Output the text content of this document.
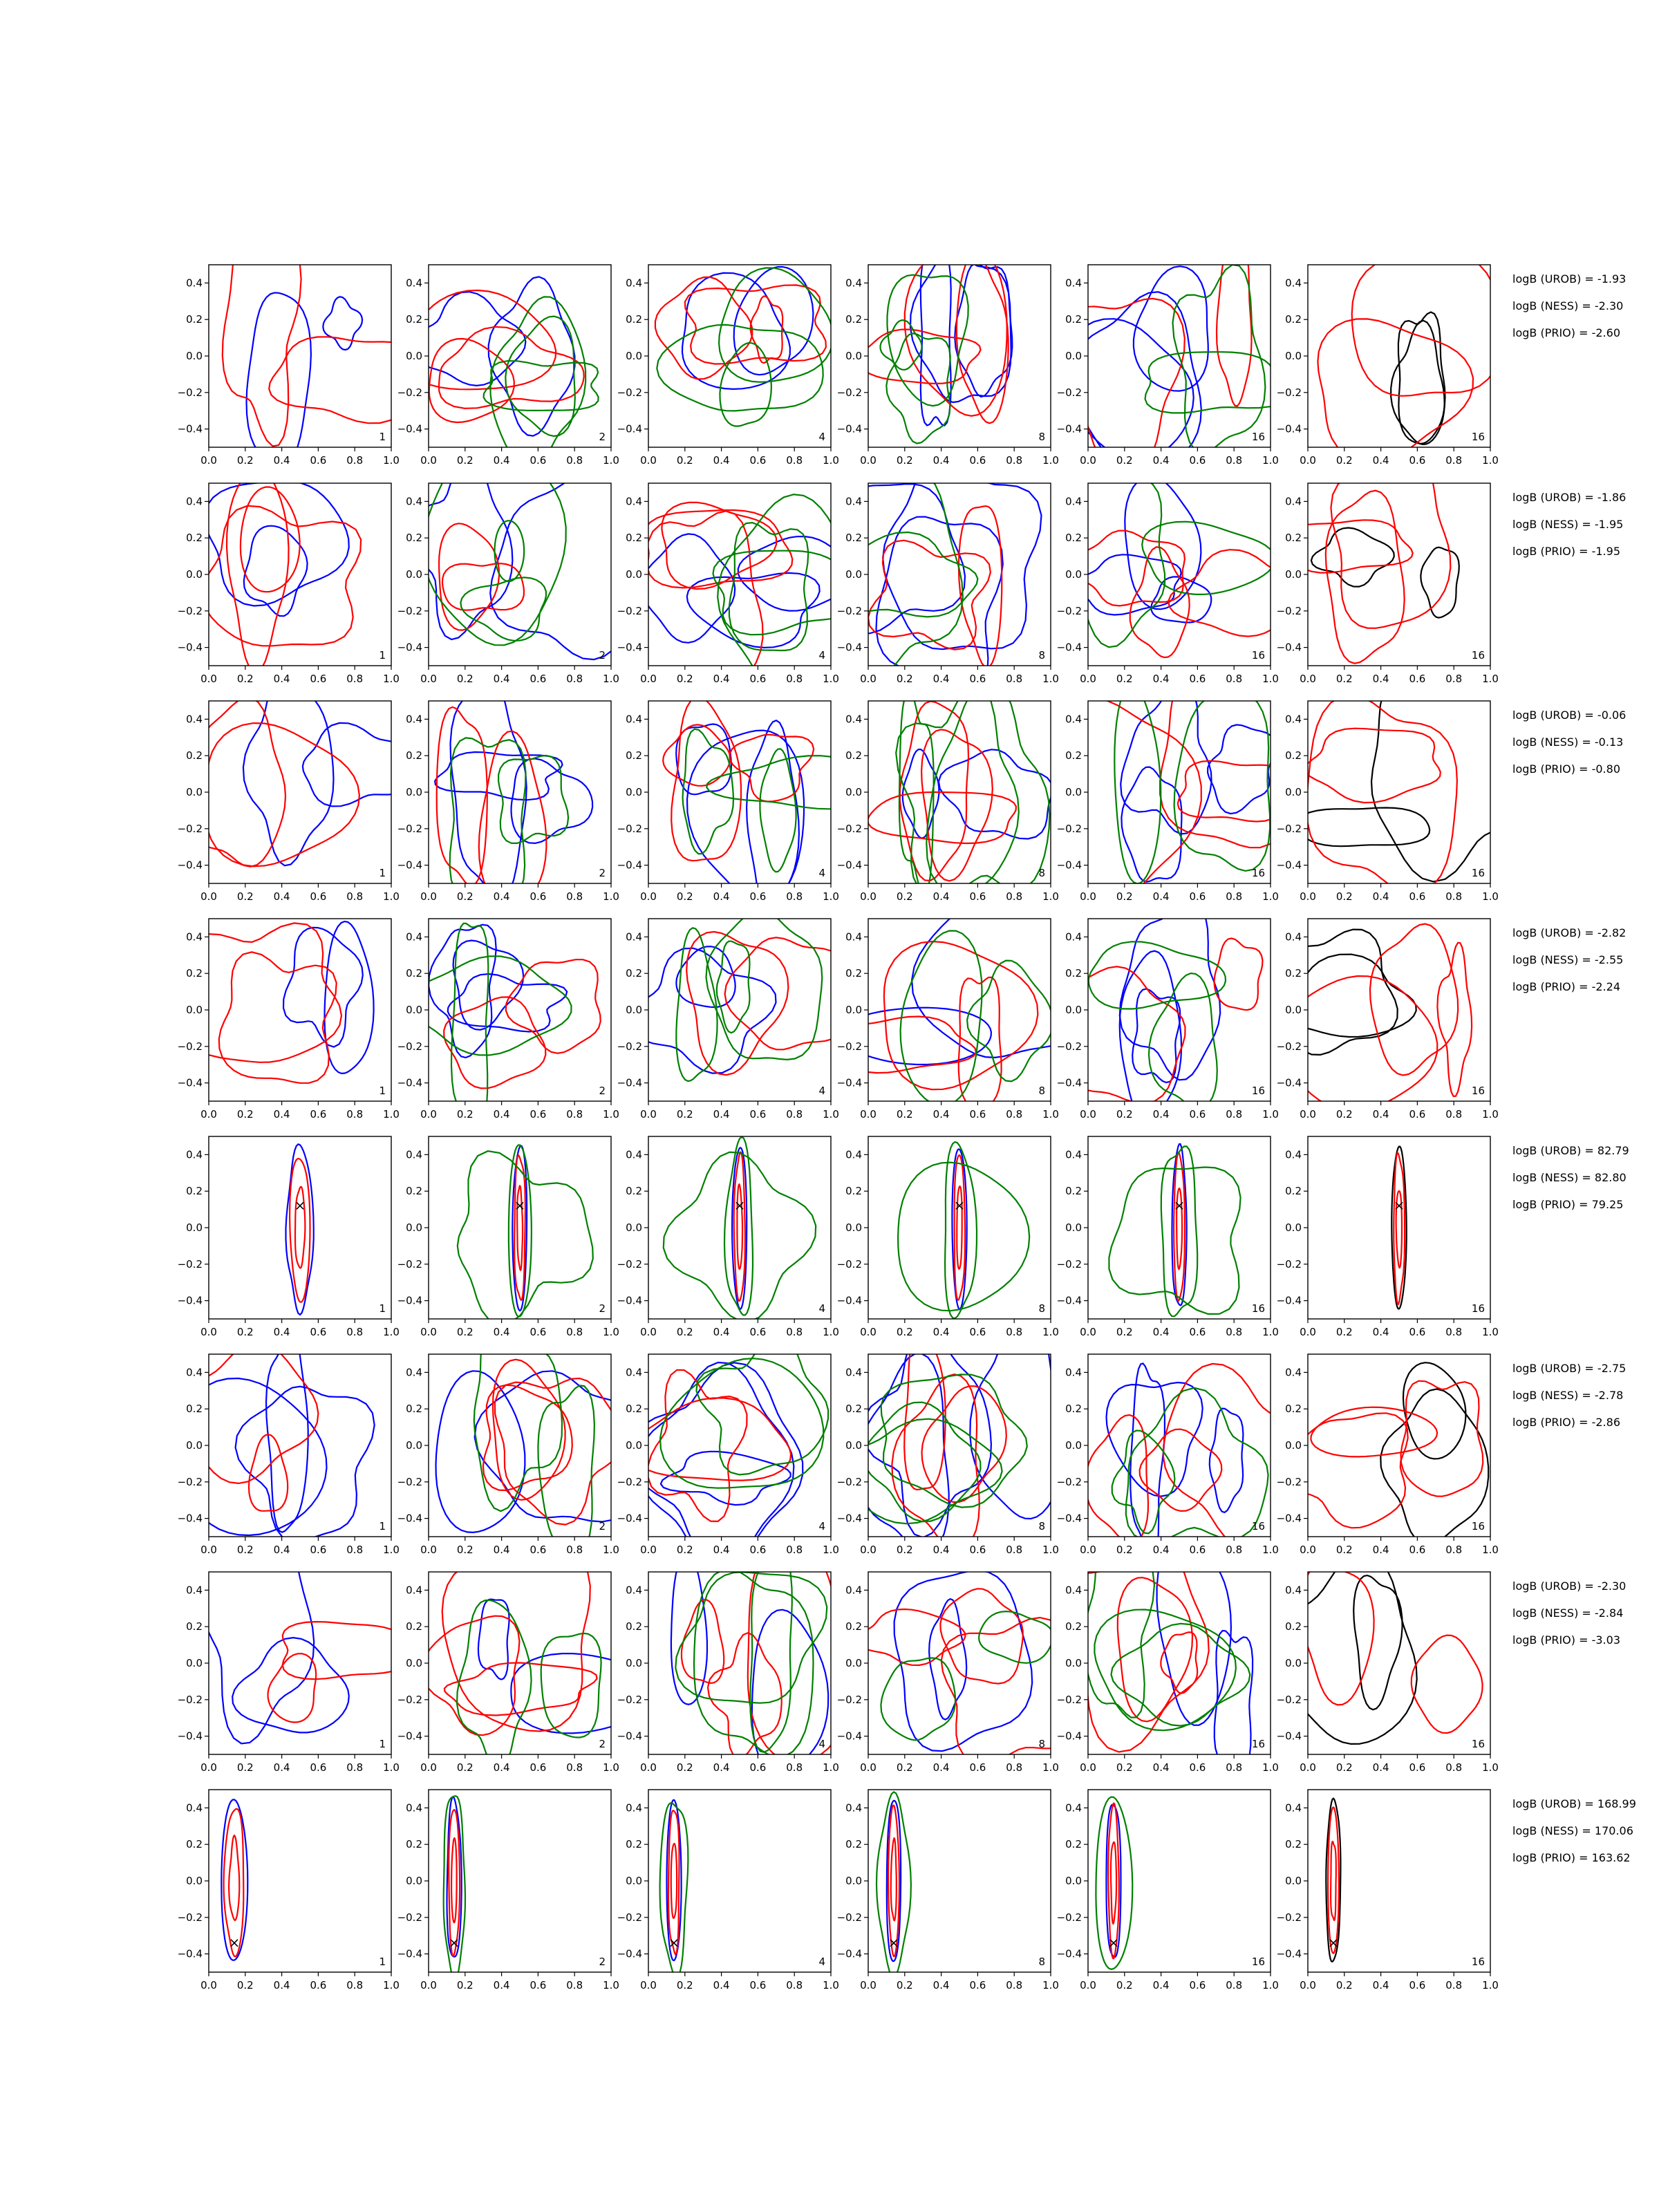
0.0 0.2 0.4 0.6 0.8 1.0
0.4
0.2
0.0
−0.2
−0.4
1
0.0 0.2 0.4 0.6 0.8 1.0
0.4
0.2
0.0
−0.2
−0.4
2
0.0 0.2 0.4 0.6 0.8 1.0
0.4
0.2
0.0
−0.2
−0.4
4
0.0 0.2 0.4 0.6 0.8 1.0
0.4
0.2
0.0
−0.2
−0.4
8
0.0 0.2 0.4 0.6 0.8 1.0
0.4
0.2
0.0
−0.2
−0.4
16
0.0 0.2 0.4 0.6 0.8 1.0
0.4
0.2
0.0
−0.2
−0.4
16
logB (UROB) = -1.93
logB (NESS) = -2.30
logB (PRIO) = -2.60
0.0 0.2 0.4 0.6 0.8 1.0
0.4
0.2
0.0
−0.2
−0.4
1
0.0 0.2 0.4 0.6 0.8 1.0
0.4
0.2
0.0
−0.2
−0.4
2
0.0 0.2 0.4 0.6 0.8 1.0
0.4
0.2
0.0
−0.2
−0.4
4
0.0 0.2 0.4 0.6 0.8 1.0
0.4
0.2
0.0
−0.2
−0.4
8
0.0 0.2 0.4 0.6 0.8 1.0
0.4
0.2
0.0
−0.2
−0.4
16
0.0 0.2 0.4 0.6 0.8 1.0
0.4
0.2
0.0
−0.2
−0.4
16
logB (UROB) = -1.86
logB (NESS) = -1.95
logB (PRIO) = -1.95
0.0 0.2 0.4 0.6 0.8 1.0
0.4
0.2
0.0
−0.2
−0.4
1
0.0 0.2 0.4 0.6 0.8 1.0
0.4
0.2
0.0
−0.2
−0.4
2
0.0 0.2 0.4 0.6 0.8 1.0
0.4
0.2
0.0
−0.2
−0.4
4
0.0 0.2 0.4 0.6 0.8 1.0
0.4
0.2
0.0
−0.2
−0.4
8
0.0 0.2 0.4 0.6 0.8 1.0
0.4
0.2
0.0
−0.2
−0.4
16
0.0 0.2 0.4 0.6 0.8 1.0
0.4
0.2
0.0
−0.2
−0.4
16
logB (UROB) = -0.06
logB (NESS) = -0.13
logB (PRIO) = -0.80
0.0 0.2 0.4 0.6 0.8 1.0
0.4
0.2
0.0
−0.2
−0.4
1
0.0 0.2 0.4 0.6 0.8 1.0
0.4
0.2
0.0
−0.2
−0.4
2
0.0 0.2 0.4 0.6 0.8 1.0
0.4
0.2
0.0
−0.2
−0.4
4
0.0 0.2 0.4 0.6 0.8 1.0
0.4
0.2
0.0
−0.2
−0.4
8
0.0 0.2 0.4 0.6 0.8 1.0
0.4
0.2
0.0
−0.2
−0.4
16
0.0 0.2 0.4 0.6 0.8 1.0
0.4
0.2
0.0
−0.2
−0.4
16
logB (UROB) = -2.82
logB (NESS) = -2.55
logB (PRIO) = -2.24
0.0 0.2 0.4 0.6 0.8 1.0
0.4
0.2
0.0
−0.2
−0.4
1
0.0 0.2 0.4 0.6 0.8 1.0
0.4
0.2
0.0
−0.2
−0.4
2
0.0 0.2 0.4 0.6 0.8 1.0
0.4
0.2
0.0
−0.2
−0.4
4
0.0 0.2 0.4 0.6 0.8 1.0
0.4
0.2
0.0
−0.2
−0.4
8
0.0 0.2 0.4 0.6 0.8 1.0
0.4
0.2
0.0
−0.2
−0.4
16
0.0 0.2 0.4 0.6 0.8 1.0
0.4
0.2
0.0
−0.2
−0.4
16
logB (UROB) = 82.79
logB (NESS) = 82.80
logB (PRIO) = 79.25
0.0 0.2 0.4 0.6 0.8 1.0
0.4
0.2
0.0
−0.2
−0.4
1
0.0 0.2 0.4 0.6 0.8 1.0
0.4
0.2
0.0
−0.2
−0.4
2
0.0 0.2 0.4 0.6 0.8 1.0
0.4
0.2
0.0
−0.2
−0.4
4
0.0 0.2 0.4 0.6 0.8 1.0
0.4
0.2
0.0
−0.2
−0.4
8
0.0 0.2 0.4 0.6 0.8 1.0
0.4
0.2
0.0
−0.2
−0.4
16
0.0 0.2 0.4 0.6 0.8 1.0
0.4
0.2
0.0
−0.2
−0.4
16
logB (UROB) = -2.75
logB (NESS) = -2.78
logB (PRIO) = -2.86
0.0 0.2 0.4 0.6 0.8 1.0
0.4
0.2
0.0
−0.2
−0.4
1
0.0 0.2 0.4 0.6 0.8 1.0
0.4
0.2
0.0
−0.2
−0.4
2
0.0 0.2 0.4 0.6 0.8 1.0
0.4
0.2
0.0
−0.2
−0.4
4
0.0 0.2 0.4 0.6 0.8 1.0
0.4
0.2
0.0
−0.2
−0.4
8
0.0 0.2 0.4 0.6 0.8 1.0
0.4
0.2
0.0
−0.2
−0.4
16
0.0 0.2 0.4 0.6 0.8 1.0
0.4
0.2
0.0
−0.2
−0.4
16
logB (UROB) = -2.30
logB (NESS) = -2.84
logB (PRIO) = -3.03
0.0 0.2 0.4 0.6 0.8 1.0
0.4
0.2
0.0
−0.2
−0.4
1
0.0 0.2 0.4 0.6 0.8 1.0
0.4
0.2
0.0
−0.2
−0.4
2
0.0 0.2 0.4 0.6 0.8 1.0
0.4
0.2
0.0
−0.2
−0.4
4
0.0 0.2 0.4 0.6 0.8 1.0
0.4
0.2
0.0
−0.2
−0.4
8
0.0 0.2 0.4 0.6 0.8 1.0
0.4
0.2
0.0
−0.2
−0.4
16
0.0 0.2 0.4 0.6 0.8 1.0
0.4
0.2
0.0
−0.2
−0.4
16
logB (UROB) = 168.99
logB (NESS) = 170.06
logB (PRIO) = 163.62
